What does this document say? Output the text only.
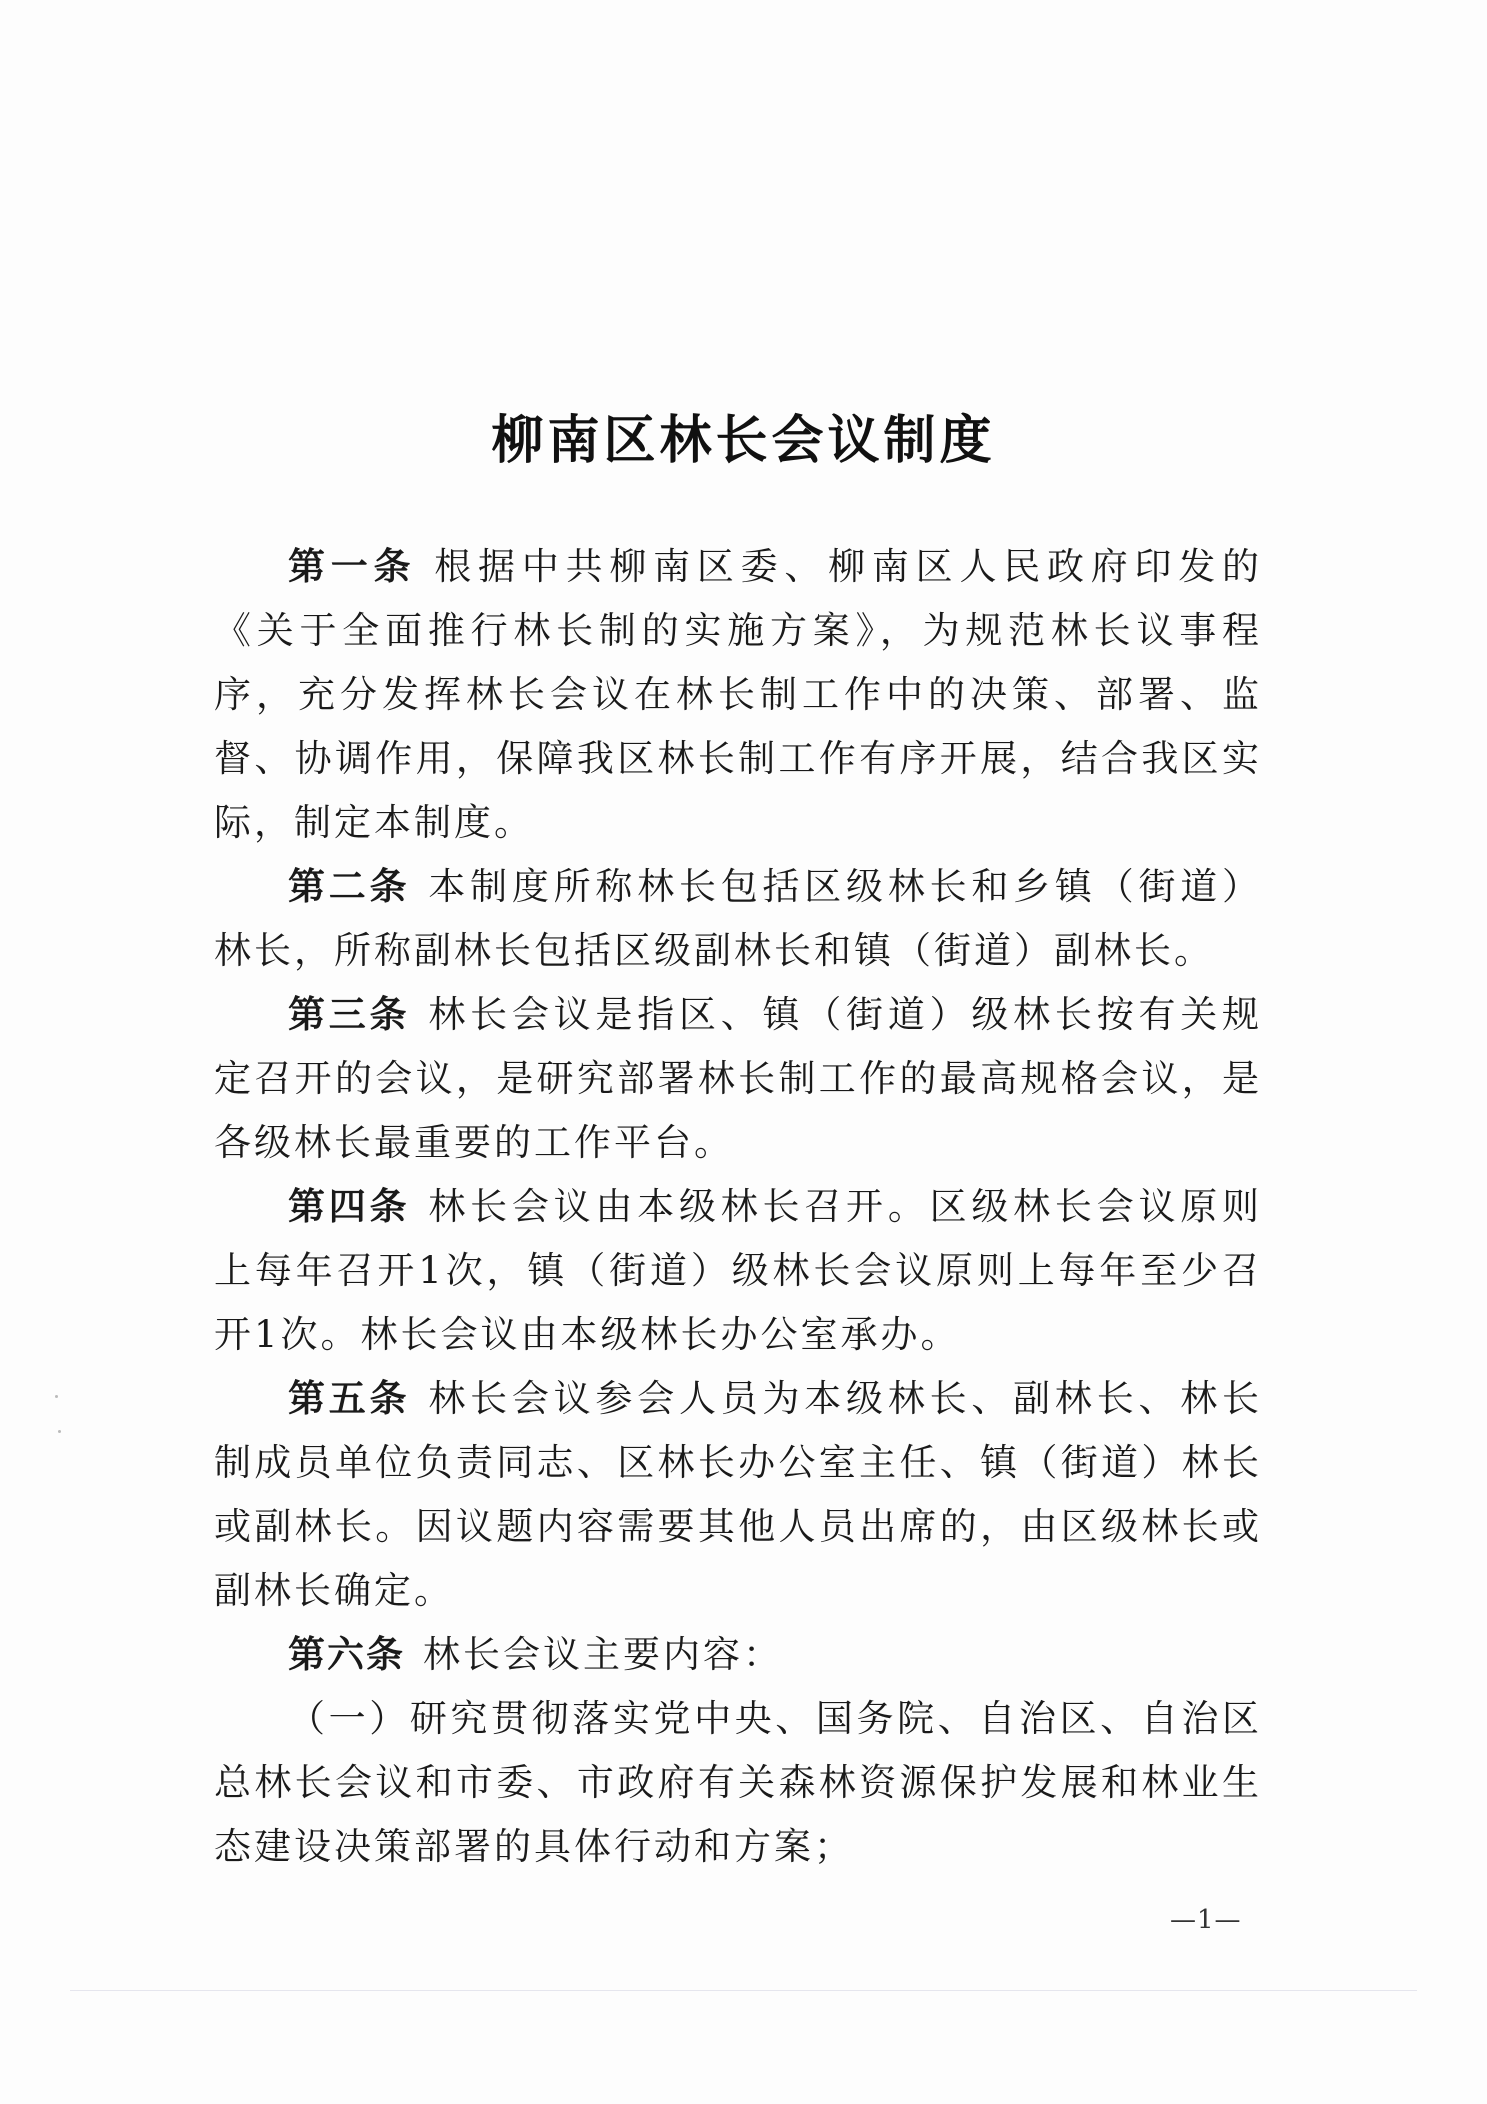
柳南区林长会议制度

第一条 根据中共柳南区委、柳南区人民政府印发的《关于全面推行林长制的实施方案》，为规范林长议事程序，充分发挥林长会议在林长制工作中的决策、部署、监督、协调作用，保障我区林长制工作有序开展，结合我区实际，制定本制度。

第二条 本制度所称林长包括区级林长和乡镇（街道）林长，所称副林长包括区级副林长和镇（街道）副林长。

第三条 林长会议是指区、镇（街道）级林长按有关规定召开的会议，是研究部署林长制工作的最高规格会议，是各级林长最重要的工作平台。

第四条 林长会议由本级林长召开。区级林长会议原则上每年召开1次，镇（街道）级林长会议原则上每年至少召开1次。林长会议由本级林长办公室承办。

第五条 林长会议参会人员为本级林长、副林长、林长制成员单位负责同志、区林长办公室主任、镇（街道）林长或副林长。因议题内容需要其他人员出席的，由区级林长或副林长确定。

第六条 林长会议主要内容：

（一）研究贯彻落实党中央、国务院、自治区、自治区总林长会议和市委、市政府有关森林资源保护发展和林业生态建设决策部署的具体行动和方案；

—1—
